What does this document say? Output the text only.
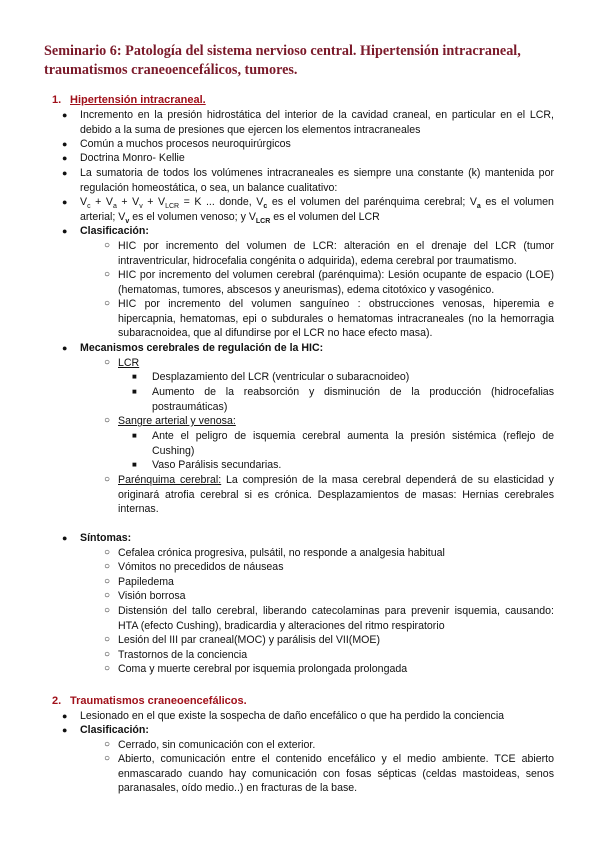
Seminario 6: Patología del sistema nervioso central. Hipertensión intracraneal, traumatismos craneoencefálicos, tumores.
1. Hipertensión intracraneal.
● Incremento en la presión hidrostática del interior de la cavidad craneal, en particular en el LCR, debido a la suma de presiones que ejercen los elementos intracraneales
● Común a muchos procesos neuroquirúrgicos
● Doctrina Monro- Kellie
● La sumatoria de todos los volúmenes intracraneales es siempre una constante (k) mantenida por regulación homeostática, o sea, un balance cualitativo:
● $V_c + V_a + V_v + V_{LCR} = K$ ... donde, $V_c$ es el volumen del parénquima cerebral; $V_a$ es el volumen arterial; $V_v$ es el volumen venoso; y $V_{LCR}$ es el volumen del LCR
● Clasificación:
○ HIC por incremento del volumen de LCR: alteración en el drenaje del LCR (tumor intraventricular, hidrocefalia congénita o adquirida), edema cerebral por traumatismo.
○ HIC por incremento del volumen cerebral (parénquima): Lesión ocupante de espacio (LOE) (hematomas, tumores, abscesos y aneurismas), edema citotóxico y vasogénico.
○ HIC por incremento del volumen sanguíneo : obstrucciones venosas, hiperemia e hipercapnia, hematomas, epi o subdurales o hematomas intracraneales (no la hemorragia subaracnoidea, que al difundirse por el LCR no hace efecto masa).
● Mecanismos cerebrales de regulación de la HIC:
○ LCR
■ Desplazamiento del LCR (ventricular o subaracnoideo)
■ Aumento de la reabsorción y disminución de la producción (hidrocefalias postraumáticas)
○ Sangre arterial y venosa:
■ Ante el peligro de isquemia cerebral aumenta la presión sistémica (reflejo de Cushing)
■ Vaso Parálisis secundarias.
○ Parénquima cerebral: La compresión de la masa cerebral dependerá de su elasticidad y originará atrofia cerebral si es crónica. Desplazamientos de masas: Hernias cerebrales internas.
● Síntomas:
○ Cefalea crónica progresiva, pulsátil, no responde a analgesia habitual
○ Vómitos no precedidos de náuseas
○ Papiledema
○ Visión borrosa
○ Distensión del tallo cerebral, liberando catecolaminas para prevenir isquemia, causando: HTA (efecto Cushing), bradicardia y alteraciones del ritmo respiratorio
○ Lesión del III par craneal(MOC) y parálisis del VII(MOE)
○ Trastornos de la conciencia
○ Coma y muerte cerebral por isquemia prolongada prolongada
2. Traumatismos craneoencefálicos.
● Lesionado en el que existe la sospecha de daño encefálico o que ha perdido la conciencia
● Clasificación:
○ Cerrado, sin comunicación con el exterior.
○ Abierto, comunicación entre el contenido encefálico y el medio ambiente. TCE abierto enmascarado cuando hay comunicación con fosas sépticas (celdas mastoideas, senos paranasales, oído medio..) en fracturas de la base.
